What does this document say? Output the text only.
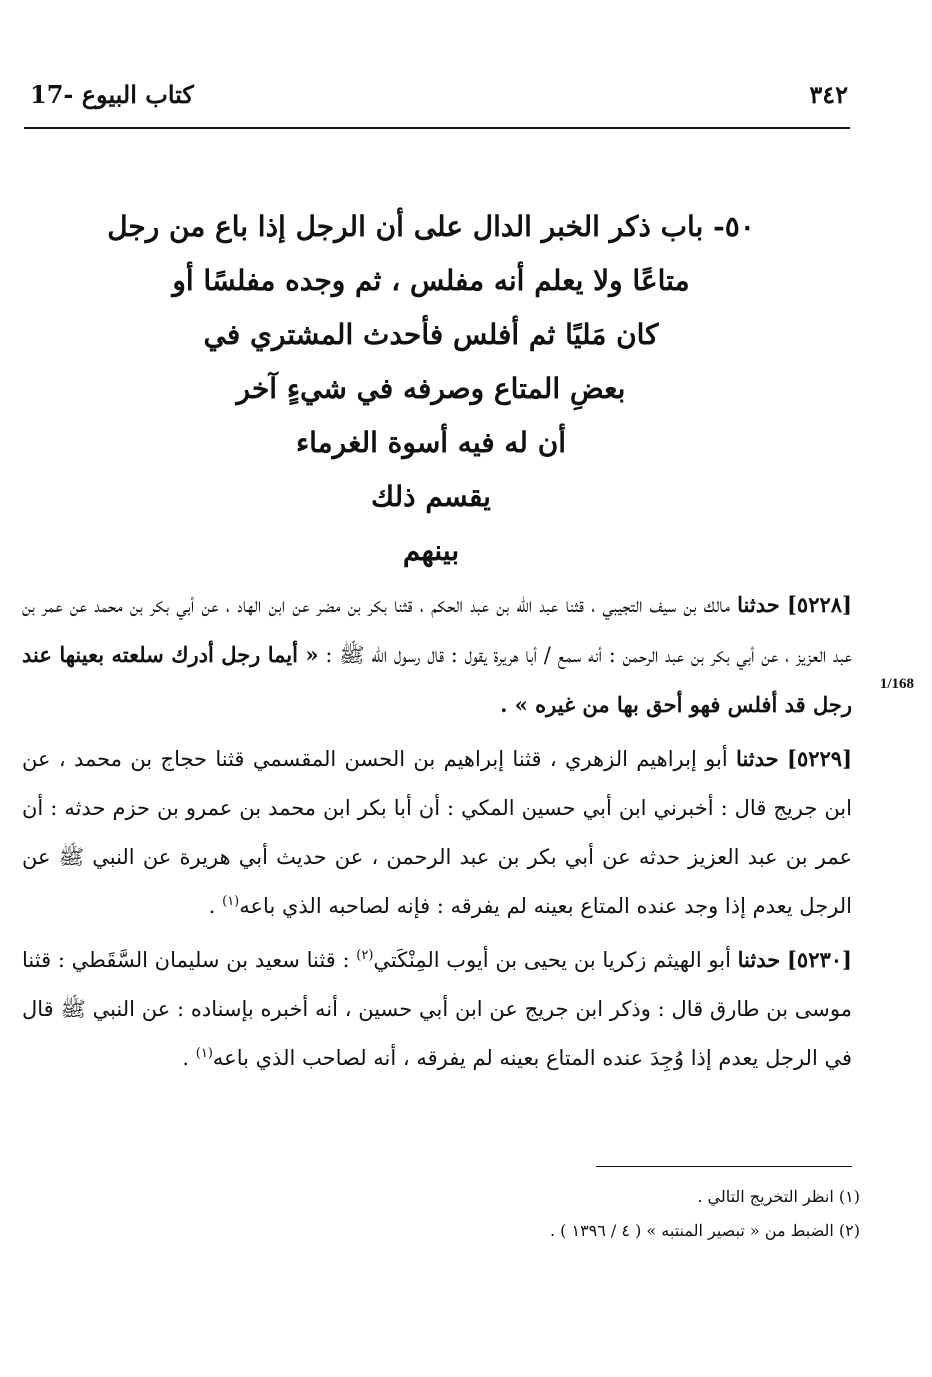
٣٤٢
17- كتاب البيوع
٥٠- باب ذكر الخبر الدال على أن الرجل إذا باع من رجل
متاعًا ولا يعلم أنه مفلس ، ثم وجده مفلسًا أو
كان مَليًا ثم أفلس فأحدث المشتري في
بعضِ المتاع وصرفه في شيءٍ آخر
أن له فيه أسوة الغرماء
يقسم ذلك
بينهم

[٥٢٢٨] حدثنا مالك بن سيف التجيبي ، قثنا عبد الله بن عبد الحكم ، قثنا بكر بن مضر عن ابن الهاد ، عن أبي بكر بن محمد عن عمر بن عبد العزيز ، عن أبي بكر بن عبد الرحمن : أنه سمع / أبا هريرة يقول : قال رسول الله ﷺ : « أيما رجل أدرك سلعته بعينها عند رجل قد أفلس فهو أحق بها من غيره » .

[٥٢٢٩] حدثنا أبو إبراهيم الزهري ، قثنا إبراهيم بن الحسن المقسمي قثنا حجاج بن محمد ، عن ابن جريج قال : أخبرني ابن أبي حسين المكي : أن أبا بكر ابن محمد بن عمرو بن حزم حدثه : أن عمر بن عبد العزيز حدثه عن أبي بكر بن عبد الرحمن ، عن حديث أبي هريرة عن النبي ﷺ عن الرجل يعدم إذا وجد عنده المتاع بعينه لم يفرقه : فإنه لصاحبه الذي باعه$^{(١)}$ .

[٥٢٣٠] حدثنا أبو الهيثم زكريا بن يحيى بن أيوب المِنْكَتي$^{(٢)}$ : قثنا سعيد بن سليمان السَّقَطي : قثنا موسى بن طارق قال : وذكر ابن جريج عن ابن أبي حسين ، أنه أخبره بإسناده : عن النبي ﷺ قال في الرجل يعدم إذا وُجِدَ عنده المتاع بعينه لم يفرقه ، أنه لصاحب الذي باعه$^{(١)}$ .

1/168
(١) انظر التخريج التالي .
(٢) الضبط من « تبصير المنتبه » ( ٤ / ١٣٩٦ ) .
